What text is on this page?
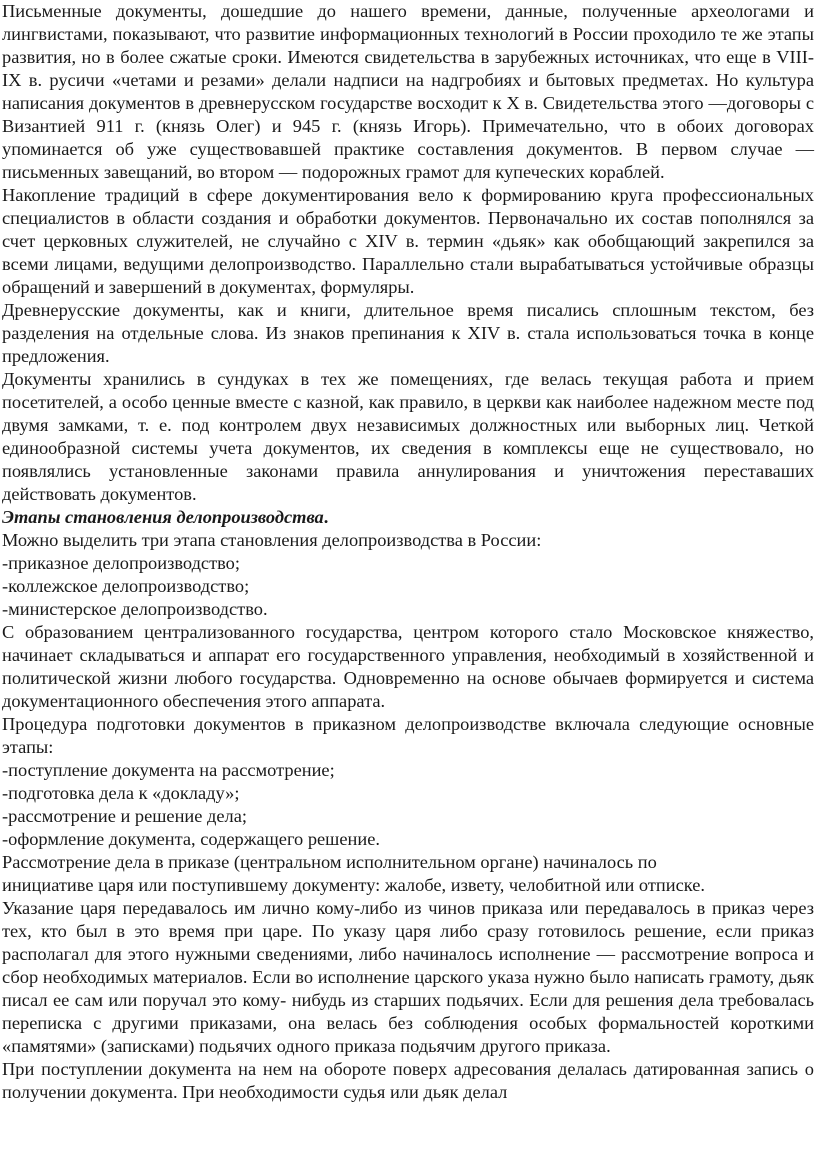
Письменные документы, дошедшие до нашего времени, данные, полученные археологами и лингвистами, показывают, что развитие информационных технологий в России проходило те же этапы развития, но в более сжатые сроки. Имеются свидетельства в зарубежных источниках, что еще в VIII-IX в. русичи «четами и резами» делали надписи на надгробиях и бытовых предметах. Но культура написания документов в древнерусском государстве восходит к X в. Свидетельства этого —договоры с Византией 911 г. (князь Олег) и 945 г. (князь Игорь). Примечательно, что в обоих договорах упоминается об уже существовавшей практике составления документов. В первом случае — письменных завещаний, во втором — подорожных грамот для купеческих кораблей.

Накопление традиций в сфере документирования вело к формированию круга профессиональных специалистов в области создания и обработки документов. Первоначально их состав пополнялся за счет церковных служителей, не случайно с XIV в. термин «дьяк» как обобщающий закрепился за всеми лицами, ведущими делопроизводство. Параллельно стали вырабатываться устойчивые образцы обращений и завершений в документах, формуляры.

Древнерусские документы, как и книги, длительное время писались сплошным текстом, без разделения на отдельные слова. Из знаков препинания к XIV в. стала использоваться точка в конце предложения.

Документы хранились в сундуках в тех же помещениях, где велась текущая работа и прием посетителей, а особо ценные вместе с казной, как правило, в церкви как наиболее надежном месте под двумя замками, т. е. под контролем двух независимых должностных или выборных лиц. Четкой единообразной системы учета документов, их сведения в комплексы еще не существовало, но появлялись установленные законами правила аннулирования и уничтожения переставаших действовать документов.

Этапы становления делопроизводства.

Можно выделить три этапа становления делопроизводства в России:

-приказное делопроизводство;

-коллежское делопроизводство;

-министерское делопроизводство.

С образованием централизованного государства, центром которого стало Московское княжество, начинает складываться и аппарат его государственного управления, необходимый в хозяйственной и политической жизни любого государства. Одновременно на основе обычаев формируется и система документационного обеспечения этого аппарата.

Процедура подготовки документов в приказном делопроизводстве включала следующие основные этапы:

-поступление документа на рассмотрение;

-подготовка дела к «докладу»;

-рассмотрение и решение дела;

-оформление документа, содержащего решение.

Рассмотрение дела в приказе (центральном исполнительном органе) начиналось по

инициативе царя или поступившему документу: жалобе, извету, челобитной или отписке.

Указание царя передавалось им лично кому-либо из чинов приказа или передавалось в приказ через тех, кто был в это время при царе. По указу царя либо сразу готовилось решение, если приказ располагал для этого нужными сведениями, либо начиналось исполнение — рассмотрение вопроса и сбор необходимых материалов. Если во исполнение царского указа нужно было написать грамоту, дьяк писал ее сам или поручал это кому- нибудь из старших подьячих. Если для решения дела требовалась переписка с другими приказами, она велась без соблюдения особых формальностей короткими «памятями» (записками) подьячих одного приказа подьячим другого приказа.

При поступлении документа на нем на обороте поверх адресования делалась датированная запись о получении документа. При необходимости судья или дьяк делал
